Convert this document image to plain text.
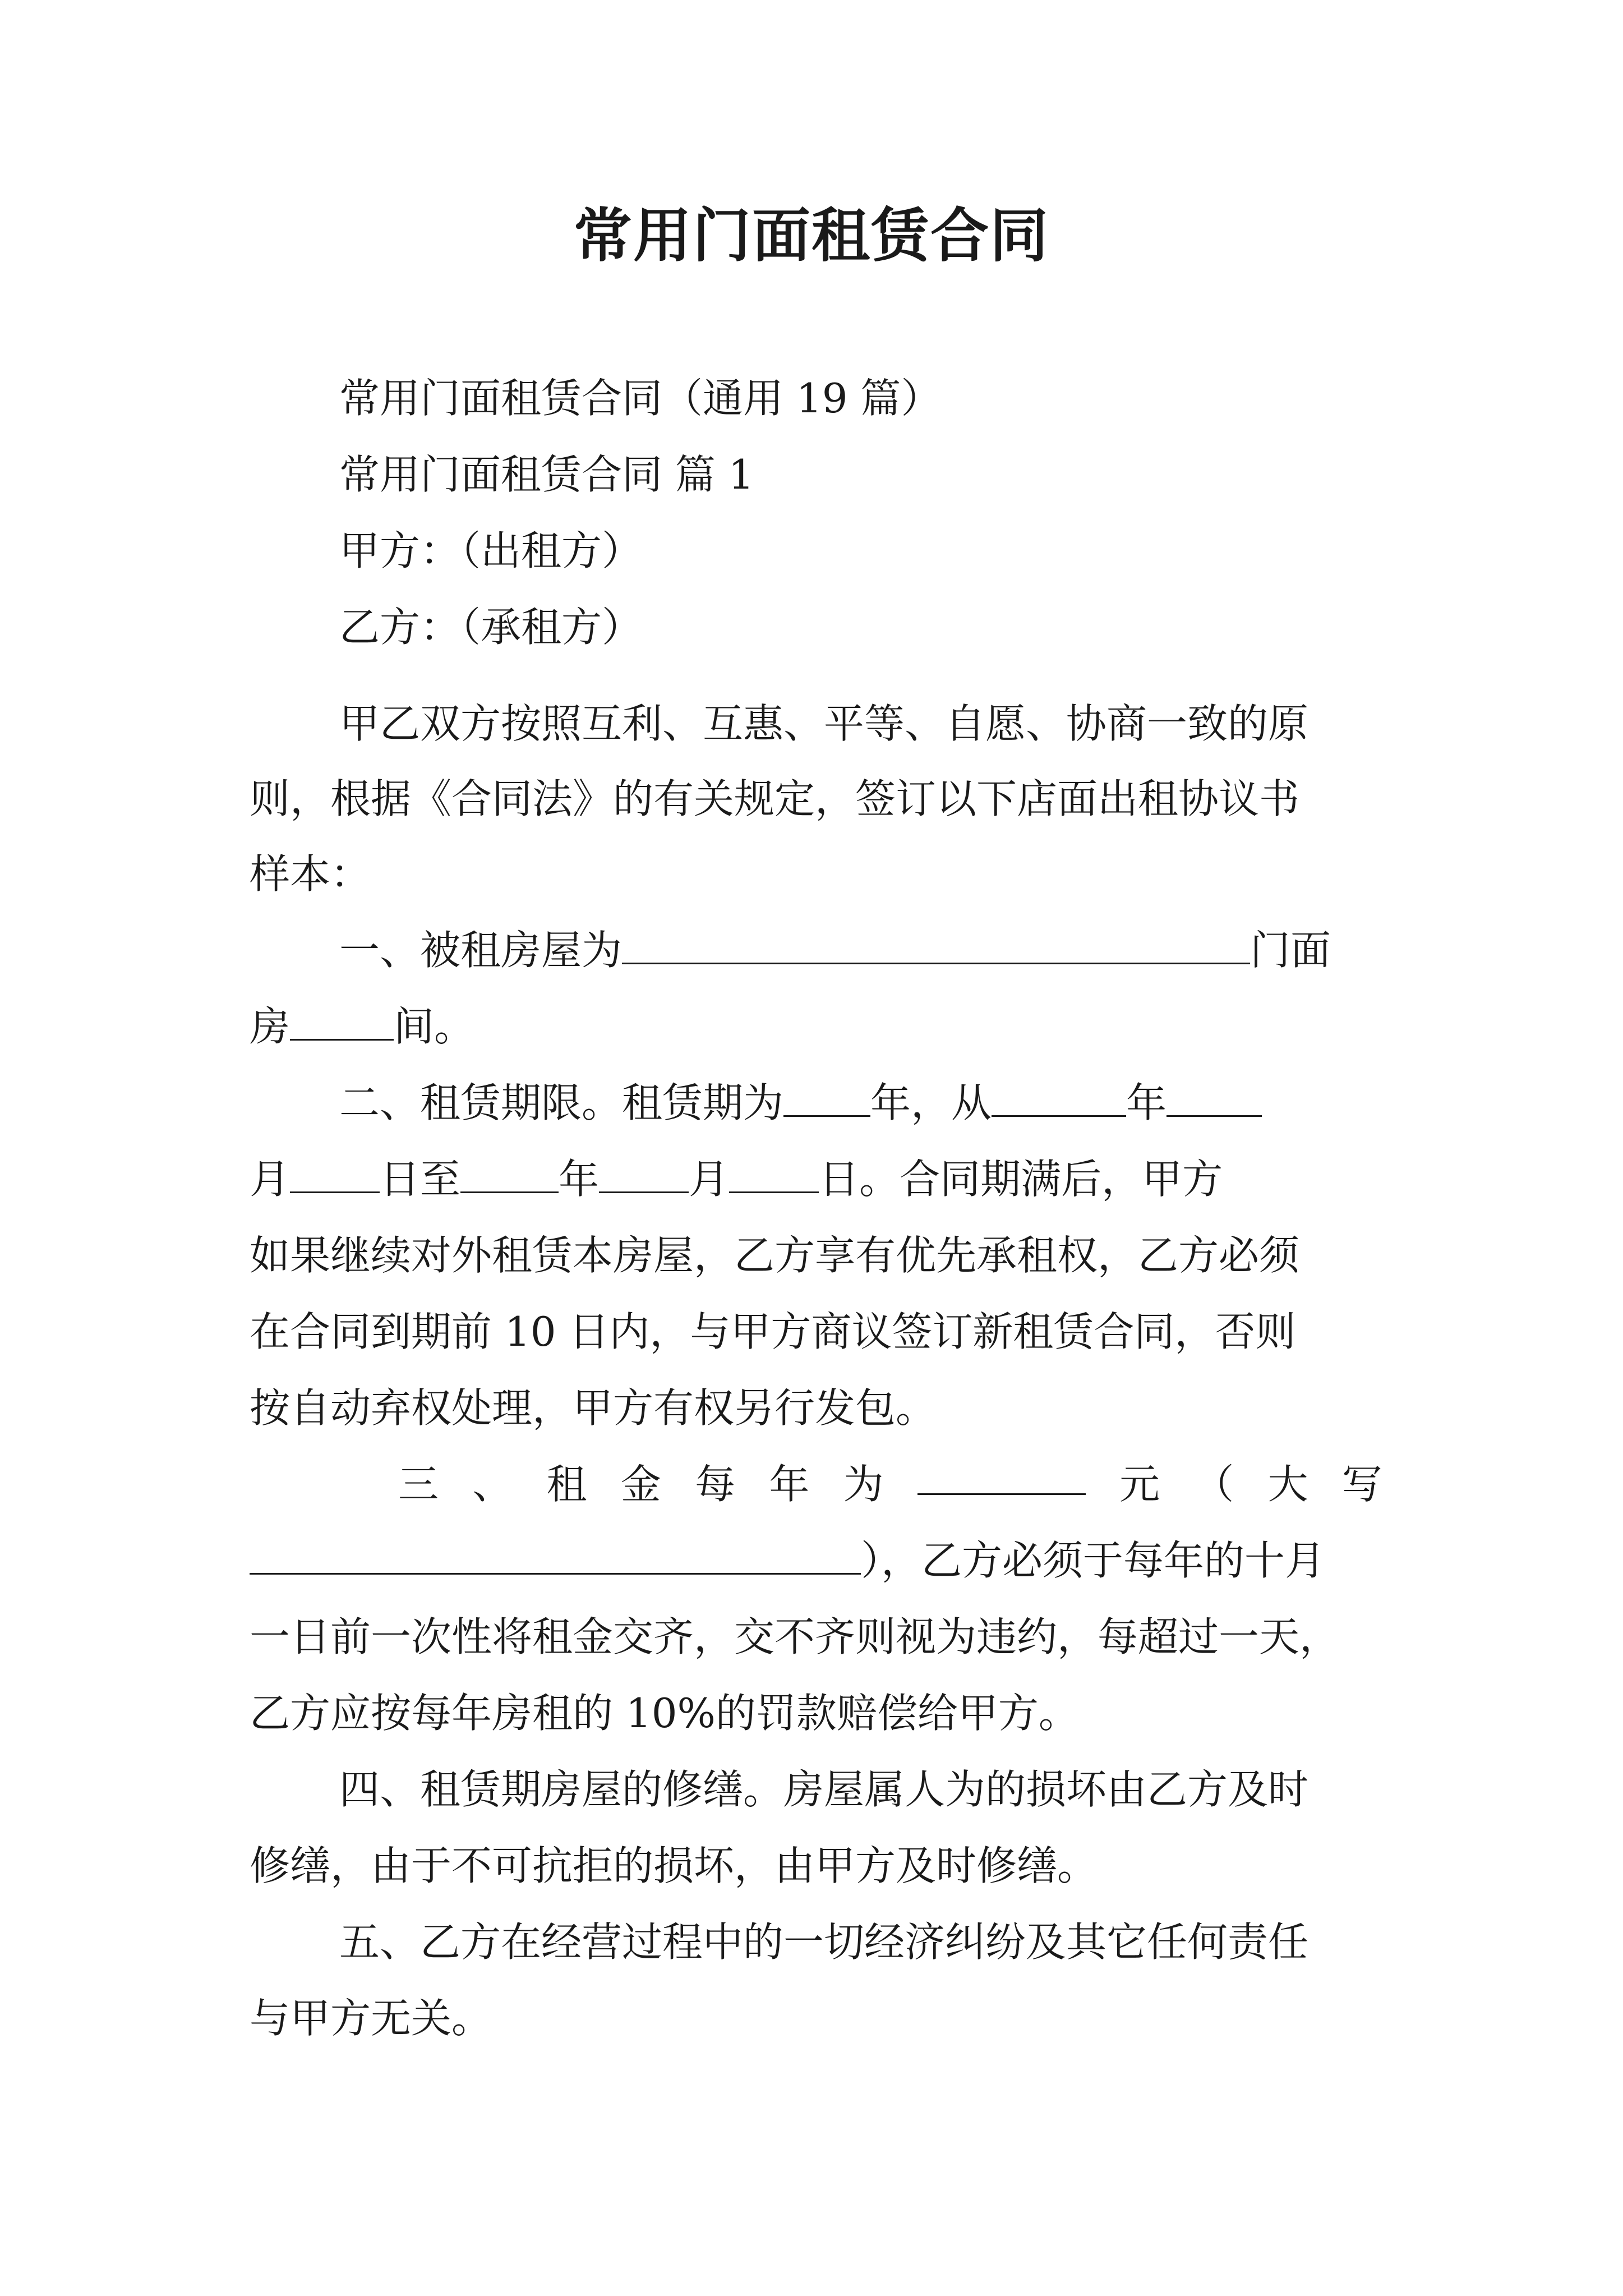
常用门面租赁合同
常用门面租赁合同（通用 19 篇）
常用门面租赁合同 篇 1
甲方：（出租方）
乙方：（承租方）
甲乙双方按照互利、互惠、平等、自愿、协商一致的原
则，根据《合同法》的有关规定，签订以下店面出租协议书
样本：
一、被租房屋为	门面
房	间。
二、租赁期限。租赁期为 年，从	年
月 日至 年 月 日。合同期满后，甲方
如果继续对外租赁本房屋，乙方享有优先承租权，乙方必须
在合同到期前 10 日内，与甲方商议签订新租赁合同，否则
按自动弃权处理，甲方有权另行发包。
三 、 租 金 每 年 为	元 （ 大 写
），乙方必须于每年的十月
一日前一次性将租金交齐，交不齐则视为违约，每超过一天，
乙方应按每年房租的 10%的罚款赔偿给甲方。
四、租赁期房屋的修缮。房屋属人为的损坏由乙方及时
修缮，由于不可抗拒的损坏，由甲方及时修缮。
五、乙方在经营过程中的一切经济纠纷及其它任何责任
与甲方无关。
